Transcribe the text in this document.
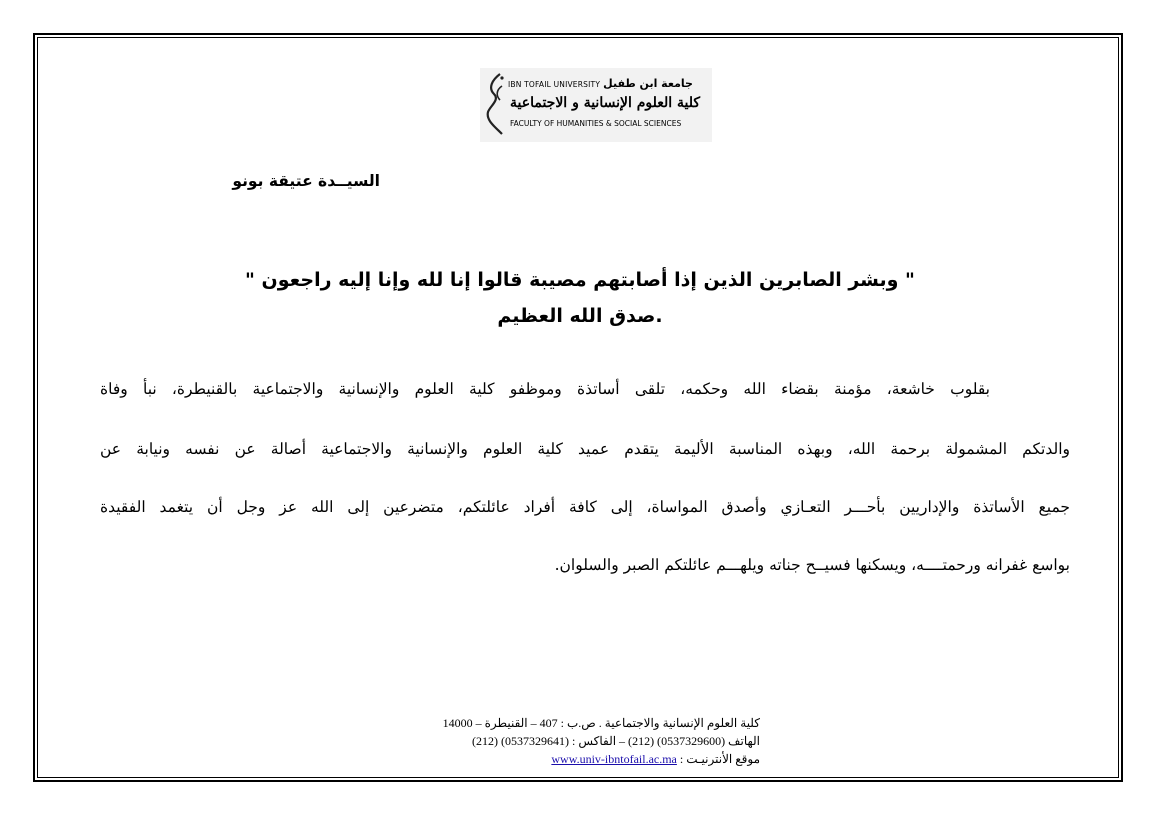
IBN TOFAIL UNIVERSITY جامعة ابن طفيل
كلية العلوم الإنسانية و الاجتماعية
FACULTY OF HUMANITIES & SOCIAL SCIENCES
السيــدة عتيقة بونو
" وبشر الصابرين الذين إذا أصابتهم مصيبة قالوا إنا لله وإنا إليه راجعون "
صدق الله العظيم.
بقلوب خاشعة، مؤمنة بقضاء الله وحكمه، تلقى أساتذة وموظفو كلية العلوم والإنسانية والاجتماعية بالقنيطرة، نبأ وفاة
والدتكم المشمولة برحمة الله، وبهذه المناسبة الأليمة يتقدم عميد كلية العلوم والإنسانية والاجتماعية أصالة عن نفسه ونيابة عن
جميع الأساتذة والإداريين بأحـــر التعـازي وأصدق المواساة، إلى كافة أفراد عائلتكم، متضرعين إلى الله عز وجل أن يتغمد الفقيدة
بواسع غفرانه ورحمتــــه، ويسكنها فسيــح جناته ويلهـــم عائلتكم الصبر والسلوان.
كلية العلوم الإنسانية والاجتماعية . ص.ب : 407 – القنيطرة – 14000
الهاتف (0537329600) (212) – الفاكس : (0537329641) (212)
موقع الأنترنيـت : www.univ-ibntofail.ac.ma
